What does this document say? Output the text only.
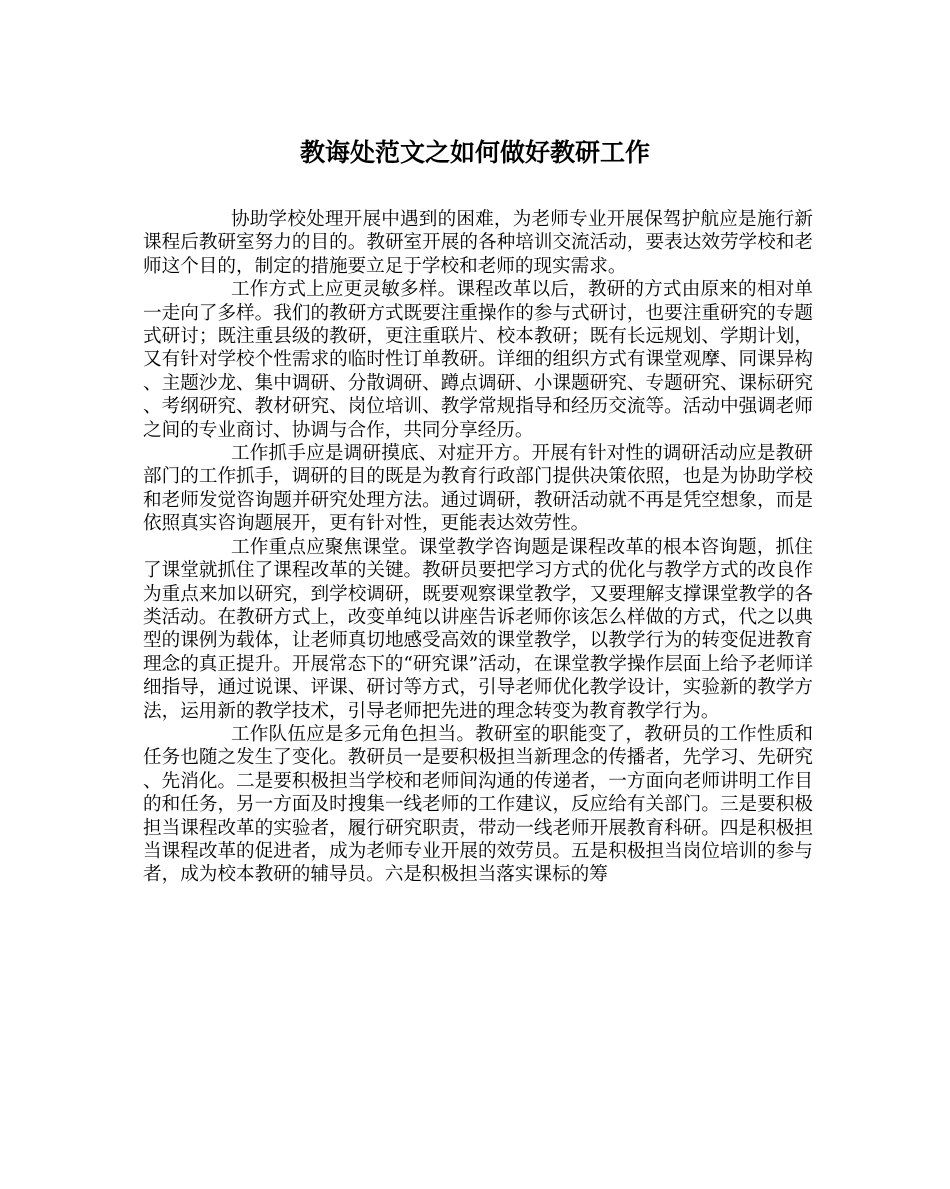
教诲处范文之如何做好教研工作

协助学校处理开展中遇到的困难，为老师专业开展保驾护航应是施行新课程后教研室努力的目的。教研室开展的各种培训交流活动，要表达效劳学校和老师这个目的，制定的措施要立足于学校和老师的现实需求。

工作方式上应更灵敏多样。课程改革以后，教研的方式由原来的相对单一走向了多样。我们的教研方式既要注重操作的参与式研讨，也要注重研究的专题式研讨；既注重县级的教研，更注重联片、校本教研；既有长远规划、学期计划，又有针对学校个性需求的临时性订单教研。详细的组织方式有课堂观摩、同课异构、主题沙龙、集中调研、分散调研、蹲点调研、小课题研究、专题研究、课标研究、考纲研究、教材研究、岗位培训、教学常规指导和经历交流等。活动中强调老师之间的专业商讨、协调与合作，共同分享经历。

工作抓手应是调研摸底、对症开方。开展有针对性的调研活动应是教研部门的工作抓手，调研的目的既是为教育行政部门提供决策依照，也是为协助学校和老师发觉咨询题并研究处理方法。通过调研，教研活动就不再是凭空想象，而是依照真实咨询题展开，更有针对性，更能表达效劳性。

工作重点应聚焦课堂。课堂教学咨询题是课程改革的根本咨询题，抓住了课堂就抓住了课程改革的关键。教研员要把学习方式的优化与教学方式的改良作为重点来加以研究，到学校调研，既要观察课堂教学，又要理解支撑课堂教学的各类活动。在教研方式上，改变单纯以讲座告诉老师你该怎么样做的方式，代之以典型的课例为载体，让老师真切地感受高效的课堂教学，以教学行为的转变促进教育理念的真正提升。开展常态下的“研究课”活动，在课堂教学操作层面上给予老师详细指导，通过说课、评课、研讨等方式，引导老师优化教学设计，实验新的教学方法，运用新的教学技术，引导老师把先进的理念转变为教育教学行为。

工作队伍应是多元角色担当。教研室的职能变了，教研员的工作性质和任务也随之发生了变化。教研员一是要积极担当新理念的传播者，先学习、先研究、先消化。二是要积极担当学校和老师间沟通的传递者，一方面向老师讲明工作目的和任务，另一方面及时搜集一线老师的工作建议，反应给有关部门。三是要积极担当课程改革的实验者，履行研究职责，带动一线老师开展教育科研。四是积极担当课程改革的促进者，成为老师专业开展的效劳员。五是积极担当岗位培训的参与者，成为校本教研的辅导员。六是积极担当落实课标的筹
